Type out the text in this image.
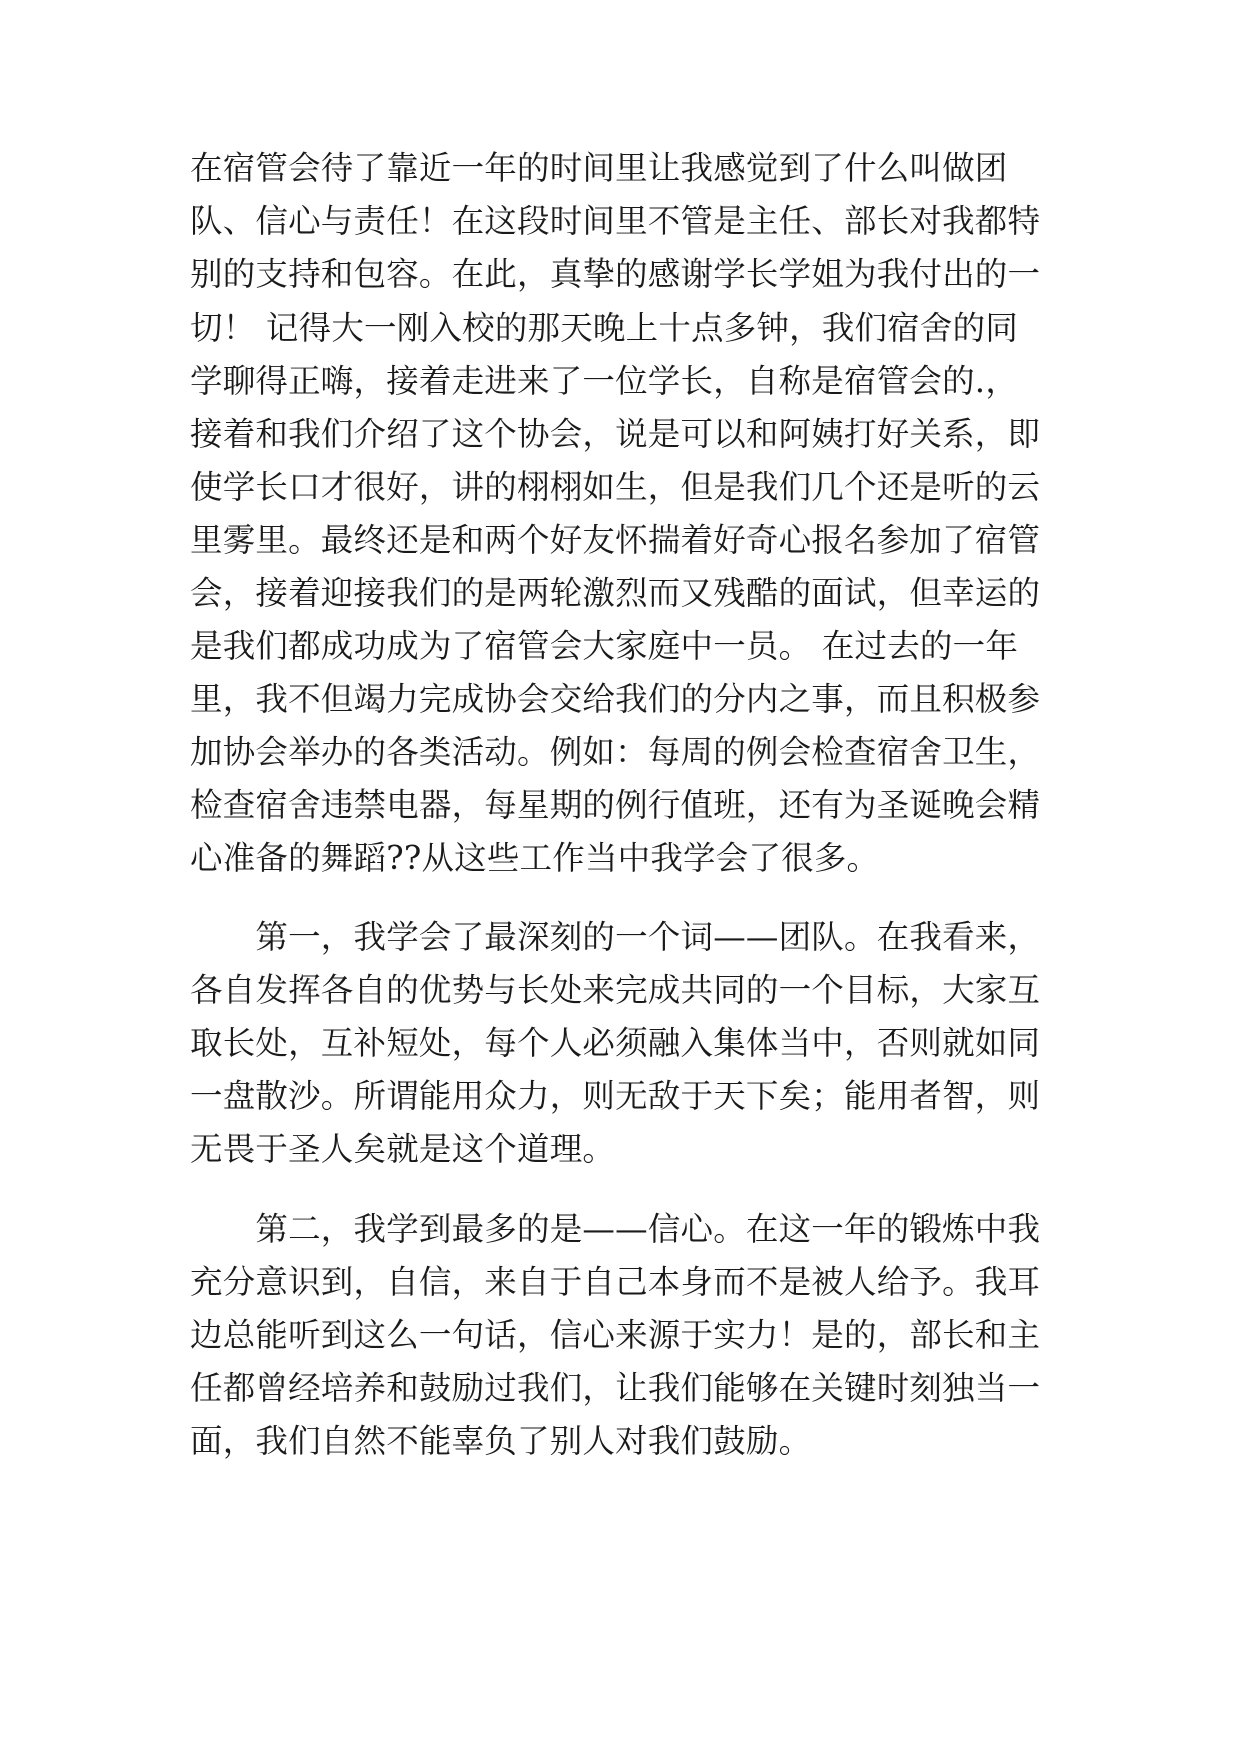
在宿管会待了靠近一年的时间里让我感觉到了什么叫做团
队、信心与责任！在这段时间里不管是主任、部长对我都特
别的支持和包容。在此，真挚的感谢学长学姐为我付出的一
切！ 记得大一刚入校的那天晚上十点多钟，我们宿舍的同
学聊得正嗨，接着走进来了一位学长，自称是宿管会的.，
接着和我们介绍了这个协会，说是可以和阿姨打好关系，即
使学长口才很好，讲的栩栩如生，但是我们几个还是听的云
里雾里。最终还是和两个好友怀揣着好奇心报名参加了宿管
会，接着迎接我们的是两轮激烈而又残酷的面试，但幸运的
是我们都成功成为了宿管会大家庭中一员。 在过去的一年
里，我不但竭力完成协会交给我们的分内之事，而且积极参
加协会举办的各类活动。例如：每周的例会检查宿舍卫生，
检查宿舍违禁电器，每星期的例行值班，还有为圣诞晚会精
心准备的舞蹈??从这些工作当中我学会了很多。
　　第一，我学会了最深刻的一个词——团队。在我看来，
各自发挥各自的优势与长处来完成共同的一个目标，大家互
取长处，互补短处，每个人必须融入集体当中，否则就如同
一盘散沙。所谓能用众力，则无敌于天下矣；能用者智，则
无畏于圣人矣就是这个道理。
　　第二，我学到最多的是——信心。在这一年的锻炼中我
充分意识到，自信，来自于自己本身而不是被人给予。我耳
边总能听到这么一句话，信心来源于实力！是的，部长和主
任都曾经培养和鼓励过我们，让我们能够在关键时刻独当一
面，我们自然不能辜负了别人对我们鼓励。
